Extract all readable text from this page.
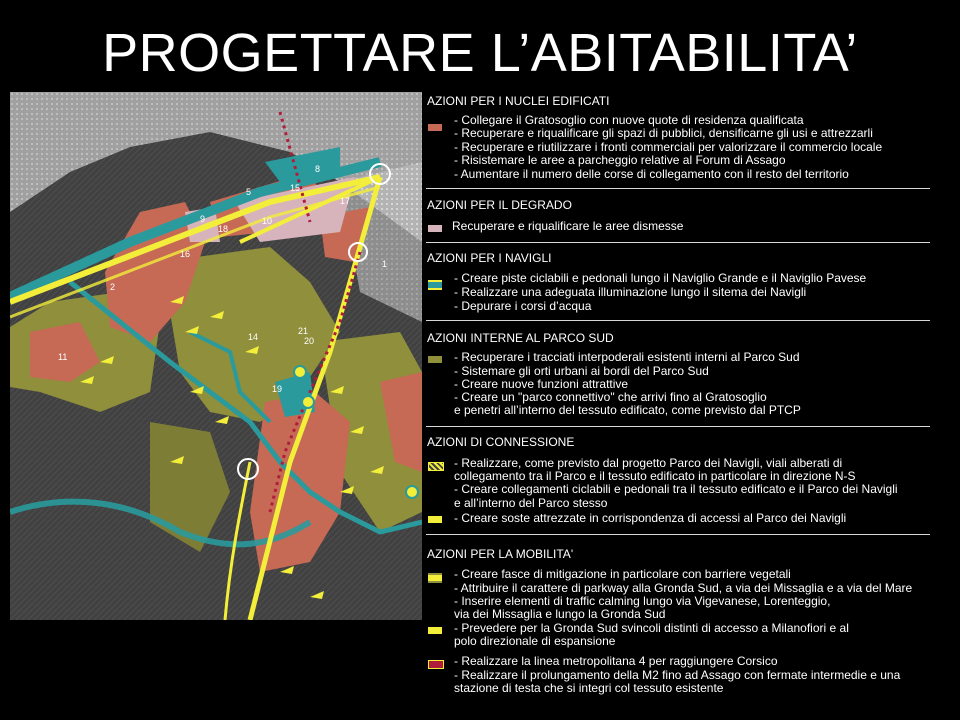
PROGETTARE L’ABITABILITA’
1
2
5
8
9	10
11
14
15
16
17
18
19
20
21
AZIONI PER I NUCLEI EDIFICATI
- Collegare il Gratosoglio con nuove quote di residenza qualificata
- Recuperare e riqualificare gli spazi di pubblici, densificarne gli usi e attrezzarli
- Recuperare e riutilizzare i fronti commerciali per valorizzare il commercio locale
- Risistemare le aree a parcheggio relative al Forum di Assago
- Aumentare il numero delle corse di collegamento con il resto del territorio
AZIONI PER IL DEGRADO
Recuperare e riqualificare le aree dismesse
AZIONI PER I NAVIGLI
- Creare piste ciclabili e pedonali lungo il Naviglio Grande e il Naviglio Pavese
- Realizzare una adeguata illuminazione lungo il sitema dei Navigli
- Depurare i corsi d’acqua
AZIONI INTERNE AL PARCO SUD
- Recuperare i tracciati interpoderali esistenti interni al Parco Sud
- Sistemare gli orti urbani ai bordi del Parco Sud
- Creare nuove funzioni attrattive
- Creare un "parco connettivo" che arrivi fino al Gratosoglio
e penetri all’interno del tessuto edificato, come previsto dal PTCP
AZIONI DI CONNESSIONE
- Realizzare, come previsto dal progetto Parco dei Navigli, viali alberati di
collegamento tra il Parco e il tessuto edificato in particolare in direzione N-S
- Creare collegamenti ciclabili e pedonali tra il tessuto edificato e il Parco dei Navigli
e all’interno del Parco stesso
- Creare soste attrezzate in corrispondenza di accessi al Parco dei Navigli
AZIONI PER LA MOBILITA'
- Creare fasce di mitigazione in particolare con barriere vegetali
- Attribuire il carattere di parkway alla Gronda Sud, a via dei Missaglia e a via del Mare
- Inserire elementi di traffic calming lungo via Vigevanese, Lorenteggio,
via dei Missaglia e lungo la Gronda Sud
- Prevedere per la Gronda Sud svincoli distinti di accesso a Milanofiori e al
polo direzionale di espansione
- Realizzare la linea metropolitana 4 per raggiungere Corsico
- Realizzare il prolungamento della M2 fino ad Assago con fermate intermedie e una
stazione di testa che si integri col tessuto esistente
